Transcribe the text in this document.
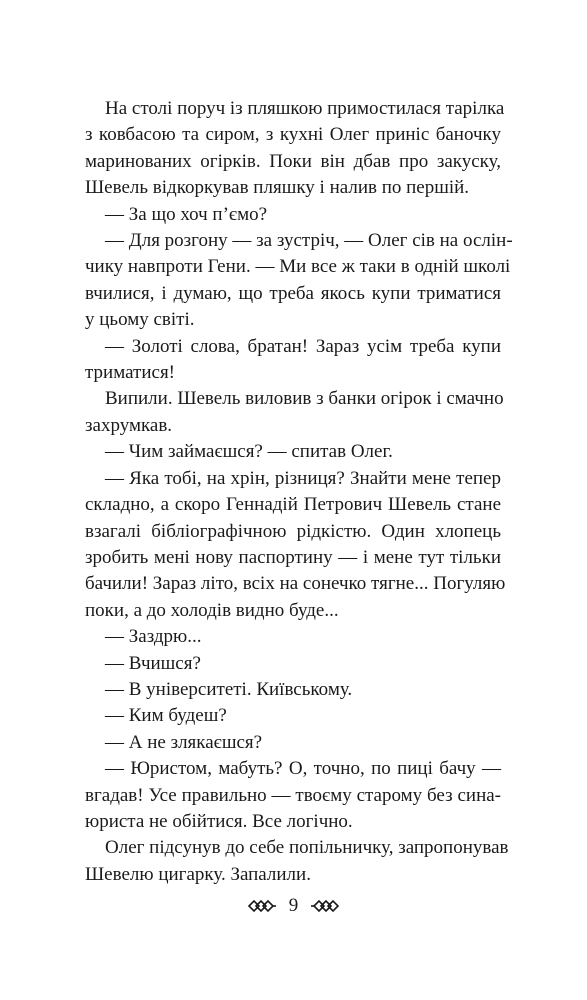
На столі поруч із пляшкою примостилася тарілка
з ковбасою та сиром, з кухні Олег приніс баночку
маринованих огірків. Поки він дбав про закуску,
Шевель відкоркував пляшку і налив по першій.
— За що хоч п’ємо?
— Для розгону — за зустріч, — Олег сів на ослін-
чику навпроти Гени. — Ми все ж таки в одній школі
вчилися, і думаю, що треба якось купи триматися
у цьому світі.
— Золоті слова, братан! Зараз усім треба купи
триматися!
Випили. Шевель виловив з банки огірок і смачно
захрумкав.
— Чим займаєшся? — спитав Олег.
— Яка тобі, на хрін, різниця? Знайти мене тепер
складно, а скоро Геннадій Петрович Шевель стане
взагалі бібліографічною рідкістю. Один хлопець
зробить мені нову паспортину — і мене тут тільки
бачили! Зараз літо, всіх на сонечко тягне... Погуляю
поки, а до холодів видно буде...
— Заздрю...
— Вчишся?
— В університеті. Київському.
— Ким будеш?
— А не злякаєшся?
— Юристом, мабуть? О, точно, по пиці бачу —
вгадав! Усе правильно — твоєму старому без сина-
юриста не обійтися. Все логічно.
Олег підсунув до себе попільничку, запропонував
Шевелю цигарку. Запалили.
9
